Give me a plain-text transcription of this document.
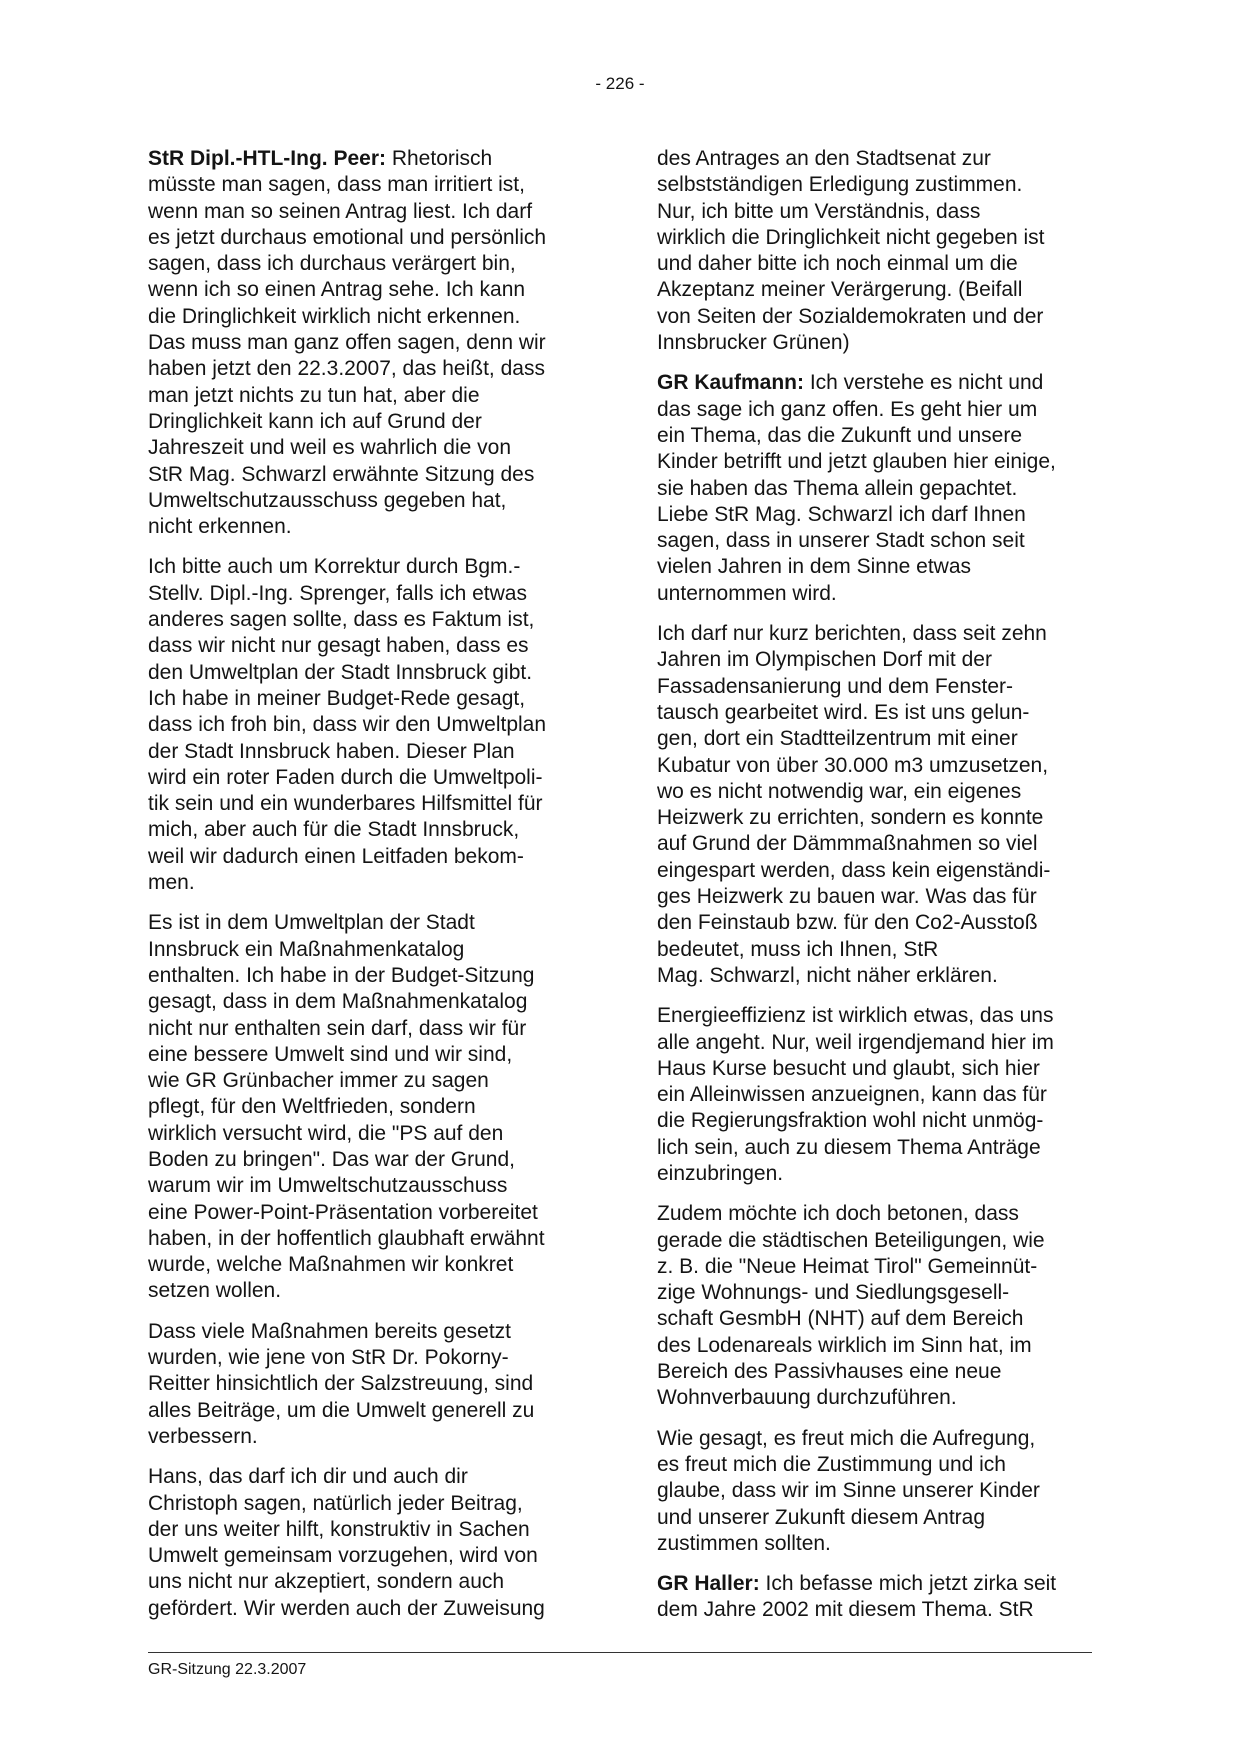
- 226 -

StR Dipl.-HTL-Ing. Peer: Rhetorisch
müsste man sagen, dass man irritiert ist,
wenn man so seinen Antrag liest. Ich darf
es jetzt durchaus emotional und persönlich
sagen, dass ich durchaus verärgert bin,
wenn ich so einen Antrag sehe. Ich kann
die Dringlichkeit wirklich nicht erkennen.
Das muss man ganz offen sagen, denn wir
haben jetzt den 22.3.2007, das heißt, dass
man jetzt nichts zu tun hat, aber die
Dringlichkeit kann ich auf Grund der
Jahreszeit und weil es wahrlich die von
StR Mag. Schwarzl erwähnte Sitzung des
Umweltschutzausschuss gegeben hat,
nicht erkennen.

Ich bitte auch um Korrektur durch Bgm.-
Stellv. Dipl.-Ing. Sprenger, falls ich etwas
anderes sagen sollte, dass es Faktum ist,
dass wir nicht nur gesagt haben, dass es
den Umweltplan der Stadt Innsbruck gibt.
Ich habe in meiner Budget-Rede gesagt,
dass ich froh bin, dass wir den Umweltplan
der Stadt Innsbruck haben. Dieser Plan
wird ein roter Faden durch die Umweltpoli-
tik sein und ein wunderbares Hilfsmittel für
mich, aber auch für die Stadt Innsbruck,
weil wir dadurch einen Leitfaden bekom-
men.

Es ist in dem Umweltplan der Stadt
Innsbruck ein Maßnahmenkatalog
enthalten. Ich habe in der Budget-Sitzung
gesagt, dass in dem Maßnahmenkatalog
nicht nur enthalten sein darf, dass wir für
eine bessere Umwelt sind und wir sind,
wie GR Grünbacher immer zu sagen
pflegt, für den Weltfrieden, sondern
wirklich versucht wird, die "PS auf den
Boden zu bringen". Das war der Grund,
warum wir im Umweltschutzausschuss
eine Power-Point-Präsentation vorbereitet
haben, in der hoffentlich glaubhaft erwähnt
wurde, welche Maßnahmen wir konkret
setzen wollen.

Dass viele Maßnahmen bereits gesetzt
wurden, wie jene von StR Dr. Pokorny-
Reitter hinsichtlich der Salzstreuung, sind
alles Beiträge, um die Umwelt generell zu
verbessern.

Hans, das darf ich dir und auch dir
Christoph sagen, natürlich jeder Beitrag,
der uns weiter hilft, konstruktiv in Sachen
Umwelt gemeinsam vorzugehen, wird von
uns nicht nur akzeptiert, sondern auch
gefördert. Wir werden auch der Zuweisung

des Antrages an den Stadtsenat zur
selbstständigen Erledigung zustimmen.
Nur, ich bitte um Verständnis, dass
wirklich die Dringlichkeit nicht gegeben ist
und daher bitte ich noch einmal um die
Akzeptanz meiner Verärgerung. (Beifall
von Seiten der Sozialdemokraten und der
Innsbrucker Grünen)

GR Kaufmann: Ich verstehe es nicht und
das sage ich ganz offen. Es geht hier um
ein Thema, das die Zukunft und unsere
Kinder betrifft und jetzt glauben hier einige,
sie haben das Thema allein gepachtet.
Liebe StR Mag. Schwarzl ich darf Ihnen
sagen, dass in unserer Stadt schon seit
vielen Jahren in dem Sinne etwas
unternommen wird.

Ich darf nur kurz berichten, dass seit zehn
Jahren im Olympischen Dorf mit der
Fassadensanierung und dem Fenster-
tausch gearbeitet wird. Es ist uns gelun-
gen, dort ein Stadtteilzentrum mit einer
Kubatur von über 30.000 m3 umzusetzen,
wo es nicht notwendig war, ein eigenes
Heizwerk zu errichten, sondern es konnte
auf Grund der Dämmmaßnahmen so viel
eingespart werden, dass kein eigenständi-
ges Heizwerk zu bauen war. Was das für
den Feinstaub bzw. für den Co2-Ausstoß
bedeutet, muss ich Ihnen, StR
Mag. Schwarzl, nicht näher erklären.

Energieeffizienz ist wirklich etwas, das uns
alle angeht. Nur, weil irgendjemand hier im
Haus Kurse besucht und glaubt, sich hier
ein Alleinwissen anzueignen, kann das für
die Regierungsfraktion wohl nicht unmög-
lich sein, auch zu diesem Thema Anträge
einzubringen.

Zudem möchte ich doch betonen, dass
gerade die städtischen Beteiligungen, wie
z. B. die "Neue Heimat Tirol" Gemeinnüt-
zige Wohnungs- und Siedlungsgesell-
schaft GesmbH (NHT) auf dem Bereich
des Lodenareals wirklich im Sinn hat, im
Bereich des Passivhauses eine neue
Wohnverbauung durchzuführen.

Wie gesagt, es freut mich die Aufregung,
es freut mich die Zustimmung und ich
glaube, dass wir im Sinne unserer Kinder
und unserer Zukunft diesem Antrag
zustimmen sollten.

GR Haller: Ich befasse mich jetzt zirka seit
dem Jahre 2002 mit diesem Thema. StR

GR-Sitzung 22.3.2007
